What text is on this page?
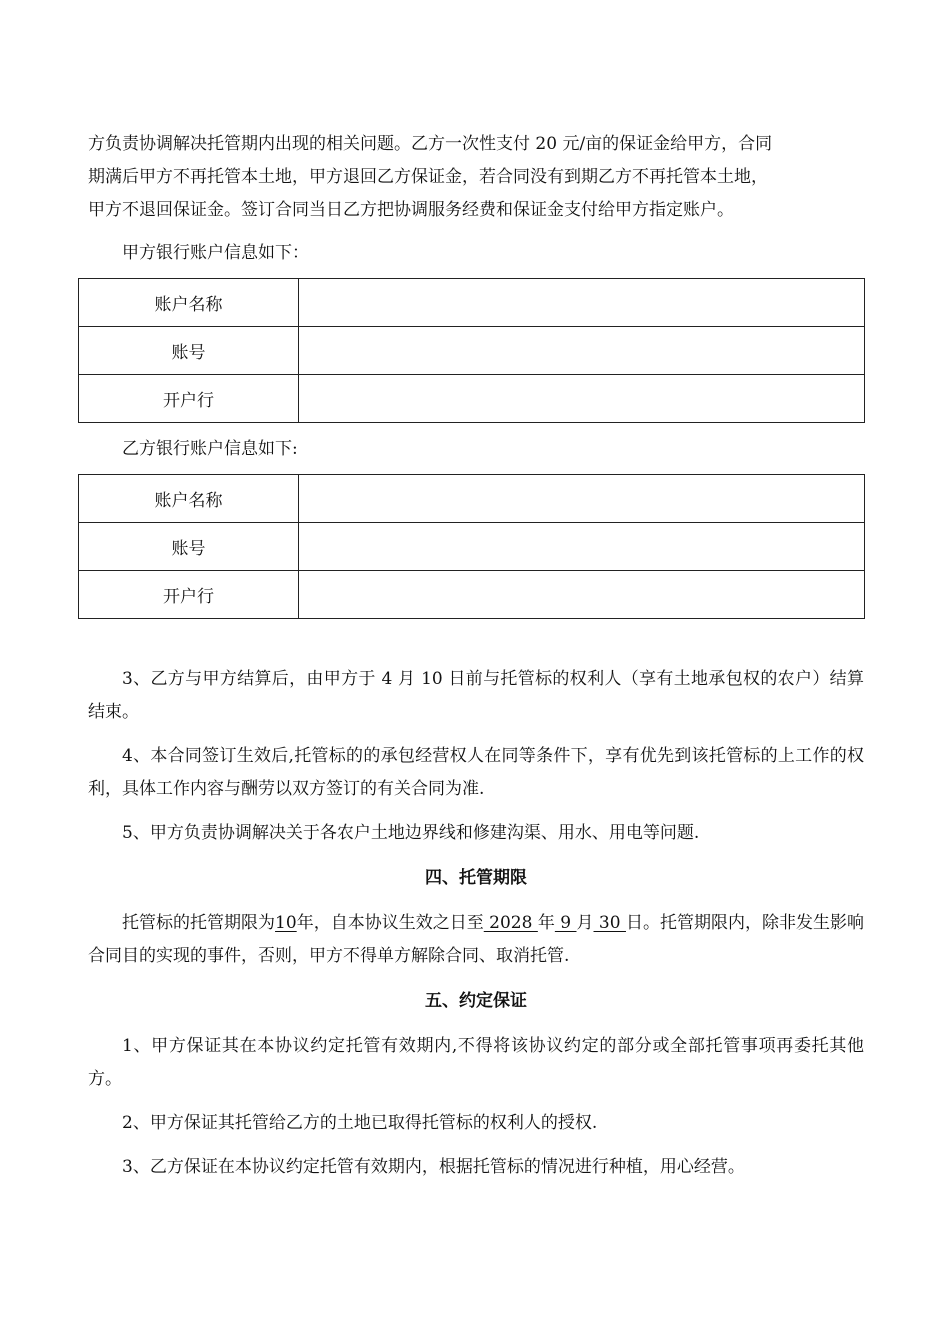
方负责协调解决托管期内出现的相关问题。乙方一次性支付 20 元/亩的保证金给甲方，合同
期满后甲方不再托管本土地，甲方退回乙方保证金，若合同没有到期乙方不再托管本土地，
甲方不退回保证金。签订合同当日乙方把协调服务经费和保证金支付给甲方指定账户。

甲方银行账户信息如下：
账户名称	
账号	
开户行	
乙方银行账户信息如下:
账户名称	
账号	
开户行	

3、乙方与甲方结算后，由甲方于 4 月 10 日前与托管标的权利人（享有土地承包权的农户）结算结束。

4、本合同签订生效后,托管标的的承包经营权人在同等条件下，享有优先到该托管标的上工作的权利，具体工作内容与酬劳以双方签订的有关合同为准.

5、甲方负责协调解决关于各农户土地边界线和修建沟渠、用水、用电等问题.

四、托管期限

托管标的托管期限为10年，自本协议生效之日至 2028 年 9 月 30 日。托管期限内，除非发生影响合同目的实现的事件，否则，甲方不得单方解除合同、取消托管.

五、约定保证

1、甲方保证其在本协议约定托管有效期内,不得将该协议约定的部分或全部托管事项再委托其他方。

2、甲方保证其托管给乙方的土地已取得托管标的权利人的授权.

3、乙方保证在本协议约定托管有效期内，根据托管标的情况进行种植，用心经营。
